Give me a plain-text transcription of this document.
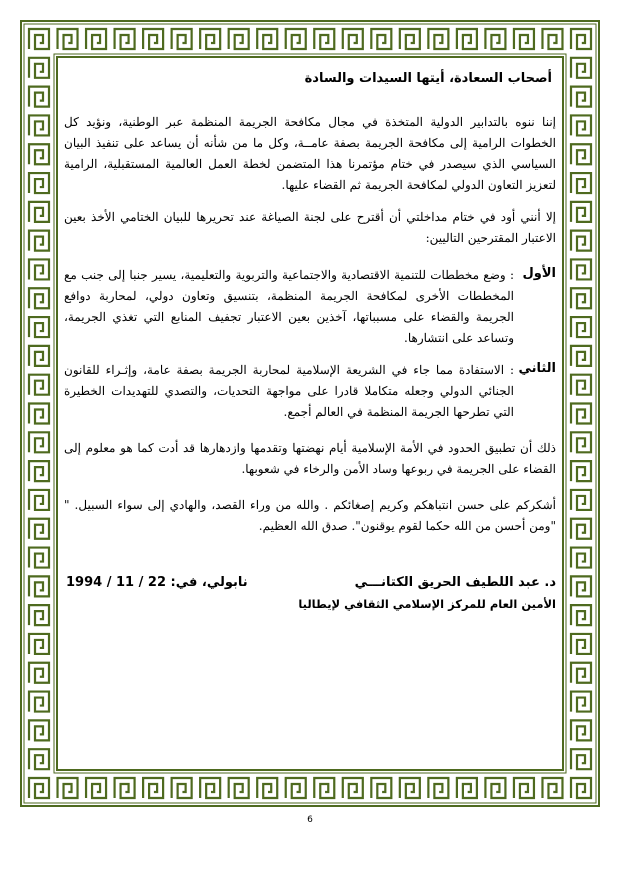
أصحاب السعادة، أيتها السيدات والسادة

إننا ننوه بالتدابير الدولية المتخذة في مجال مكافحة الجريمة المنظمة عبر الوطنية، ونؤيد كل الخطوات الرامية إلى مكافحة الجريمة بصفة عامــة، وكل ما من شأنه أن يساعد على تنفيذ البيان السياسي الذي سيصدر في ختام مؤتمرنا هذا المتضمن لخطة العمل العالمية المستقبلية، الرامية لتعزيز التعاون الدولي لمكافحة الجريمة ثم القضاء عليها.

إلا أنني أود في ختام مداخلتي أن أقترح على لجنة الصياغة عند تحريرها للبيان الختامي الأخذ بعين الاعتبار المقترحين التاليين:

الأول

: وضع مخططات للتنمية الاقتصادية والاجتماعية والتربوية والتعليمية، يسير جنبا إلى جنب مع المخططات الأخرى لمكافحة الجريمة المنظمة، بتنسيق وتعاون دولي، لمحاربة دوافع الجريمة والقضاء على مسبباتها، آخذين بعين الاعتبار تجفيف المنابع التي تغذي الجريمة، وتساعد على انتشارها.

الثاني

: الاستفادة مما جاء في الشريعة الإسلامية لمحاربة الجريمة بصفة عامة، وإثـراء للقانون الجنائي الدولي وجعله متكاملا قادرا على مواجهة التحديات، والتصدي للتهديدات الخطيرة التي تطرحها الجريمة المنظمة في العالم أجمع.

ذلك أن تطبيق الحدود في الأمة الإسلامية أيام نهضتها وتقدمها وازدهارها قد أدت كما هو معلوم إلى القضاء على الجريمة في ربوعها وساد الأمن والرخاء في شعوبها.

أشكركم على حسن انتباهكم وكريم إصغائكم . والله من وراء القصد، والهادي إلى سواء السبيل. " "ومن أحسن من الله حكما لقوم يوقنون". صدق الله العظيم.

د. عبد اللطيف الحريق الكتانـــي
الأمين العام للمركز الإسلامي الثقافي لإيطاليا
نابولي، في: 22 / 11 / 1994
6
